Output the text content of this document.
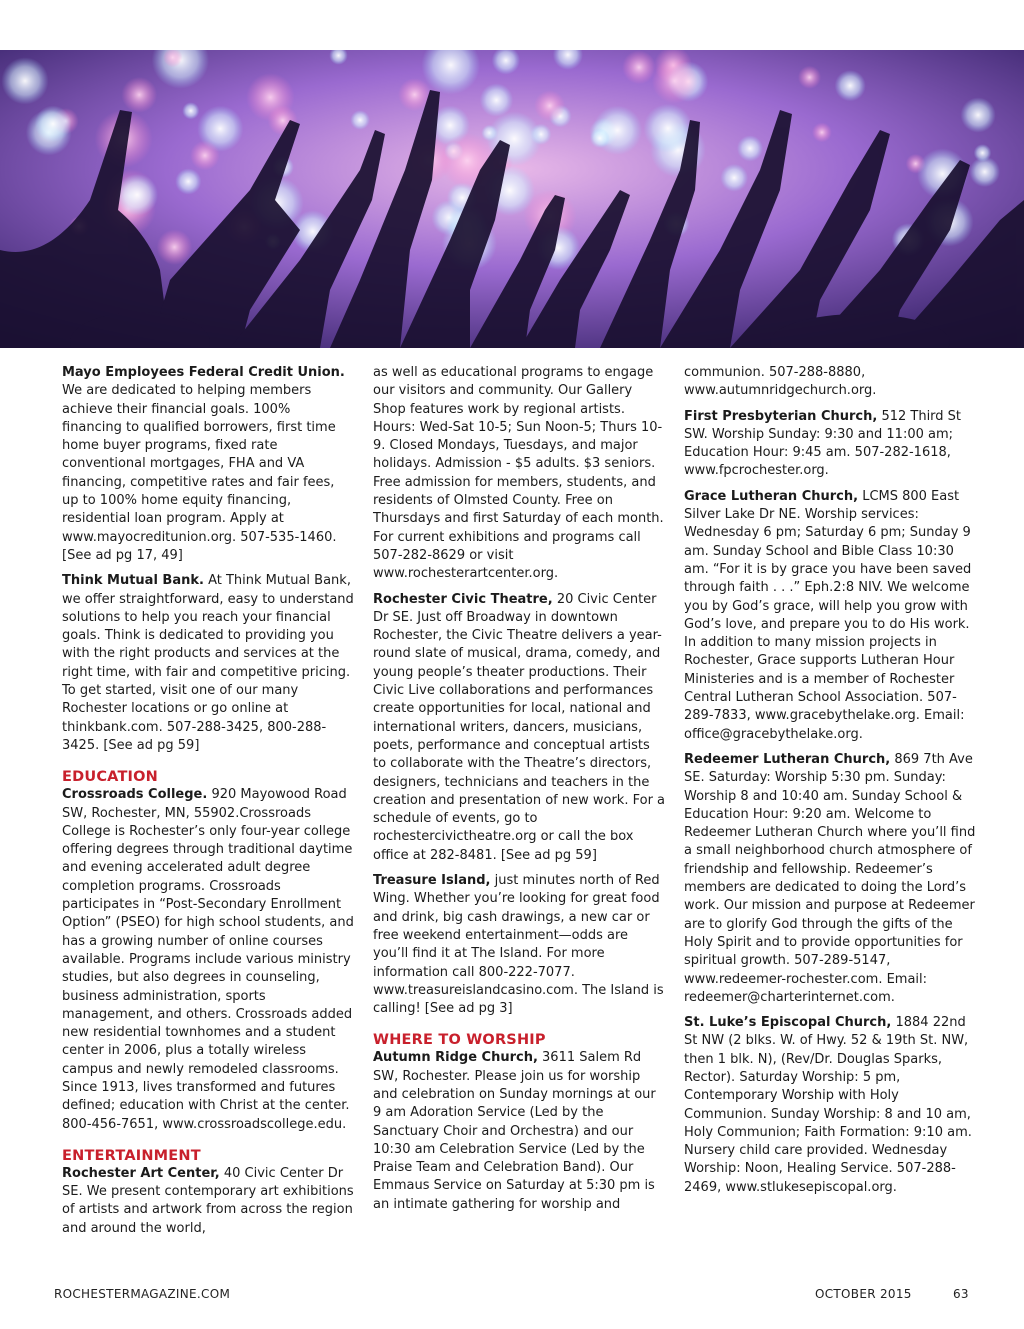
Mayo Employees Federal Credit Union. We are dedicated to helping members achieve their financial goals. 100% financing to qualified borrowers, first time home buyer programs, fixed rate conventional mortgages, FHA and VA financing, competitive rates and fair fees, up to 100% home equity financing, residential loan program. Apply at www.mayocreditunion.org. 507-535-1460. [See ad pg 17, 49]

Think Mutual Bank. At Think Mutual Bank, we offer straightforward, easy to understand solutions to help you reach your financial goals. Think is dedicated to providing you with the right products and services at the right time, with fair and competitive pricing. To get started, visit one of our many Rochester locations or go online at thinkbank.com. 507-288-3425, 800-288-3425. [See ad pg 59]

EDUCATION

Crossroads College. 920 Mayowood Road SW, Rochester, MN, 55902.Crossroads College is Rochester’s only four-year college offering degrees through traditional daytime and evening accelerated adult degree completion programs. Crossroads participates in “Post-Secondary Enrollment Option” (PSEO) for high school students, and has a growing number of online courses available. Programs include various ministry studies, but also degrees in counseling, business administration, sports management, and others. Crossroads added new residential townhomes and a student center in 2006, plus a totally wireless campus and newly remodeled classrooms. Since 1913, lives transformed and futures defined; education with Christ at the center. 800-456-7651, www.crossroadscollege.edu.

ENTERTAINMENT

Rochester Art Center, 40 Civic Center Dr SE. We present contemporary art exhibitions of artists and artwork from across the region and around the world,

as well as educational programs to engage our visitors and community. Our Gallery Shop features work by regional artists. Hours: Wed-Sat 10-5; Sun Noon-5; Thurs 10-9. Closed Mondays, Tuesdays, and major holidays. Admission - $5 adults. $3 seniors. Free admission for members, students, and residents of Olmsted County. Free on Thursdays and first Saturday of each month. For current exhibitions and programs call 507-282-8629 or visit www.rochesterartcenter.org.

Rochester Civic Theatre, 20 Civic Center Dr SE. Just off Broadway in downtown Rochester, the Civic Theatre delivers a year-round slate of musical, drama, comedy, and young people’s theater productions. Their Civic Live collaborations and performances create opportunities for local, national and international writers, dancers, musicians, poets, performance and conceptual artists to collaborate with the Theatre’s directors, designers, technicians and teachers in the creation and presentation of new work. For a schedule of events, go to rochestercivictheatre.org or call the box office at 282-8481. [See ad pg 59]

Treasure Island, just minutes north of Red Wing. Whether you’re looking for great food and drink, big cash drawings, a new car or free weekend entertainment—odds are you’ll find it at The Island. For more information call 800-222-7077. www.treasureislandcasino.com. The Island is calling! [See ad pg 3]

WHERE TO WORSHIP

Autumn Ridge Church, 3611 Salem Rd SW, Rochester. Please join us for worship and celebration on Sunday mornings at our 9 am Adoration Service (Led by the Sanctuary Choir and Orchestra) and our 10:30 am Celebration Service (Led by the Praise Team and Celebration Band). Our Emmaus Service on Saturday at 5:30 pm is an intimate gathering for worship and

communion. 507-288-8880, www.autumnridgechurch.org.

First Presbyterian Church, 512 Third St SW. Worship Sunday: 9:30 and 11:00 am; Education Hour: 9:45 am. 507-282-1618, www.fpcrochester.org.

Grace Lutheran Church, LCMS 800 East Silver Lake Dr NE. Worship services: Wednesday 6 pm; Saturday 6 pm; Sunday 9 am. Sunday School and Bible Class 10:30 am. “For it is by grace you have been saved through faith . . .” Eph.2:8 NIV. We welcome you by God’s grace, will help you grow with God’s love, and prepare you to do His work. In addition to many mission projects in Rochester, Grace supports Lutheran Hour Ministeries and is a member of Rochester Central Lutheran School Association. 507-289-7833, www.gracebythelake.org. Email: office@gracebythelake.org.

Redeemer Lutheran Church, 869 7th Ave SE. Saturday: Worship 5:30 pm. Sunday: Worship 8 and 10:40 am. Sunday School & Education Hour: 9:20 am. Welcome to Redeemer Lutheran Church where you’ll find a small neighborhood church atmosphere of friendship and fellowship. Redeemer’s members are dedicated to doing the Lord’s work. Our mission and purpose at Redeemer are to glorify God through the gifts of the Holy Spirit and to provide opportunities for spiritual growth. 507-289-5147, www.redeemer-rochester.com. Email: redeemer@charterinternet.com.

St. Luke’s Episcopal Church, 1884 22nd St NW (2 blks. W. of Hwy. 52 & 19th St. NW, then 1 blk. N), (Rev/Dr. Douglas Sparks, Rector). Saturday Worship: 5 pm, Contemporary Worship with Holy Communion. Sunday Worship: 8 and 10 am, Holy Communion; Faith Formation: 9:10 am. Nursery child care provided. Wednesday Worship: Noon, Healing Service. 507-288-2469, www.stlukesepiscopal.org.

ROCHESTERMAGAZINE.COM	OCTOBER 2015	63
